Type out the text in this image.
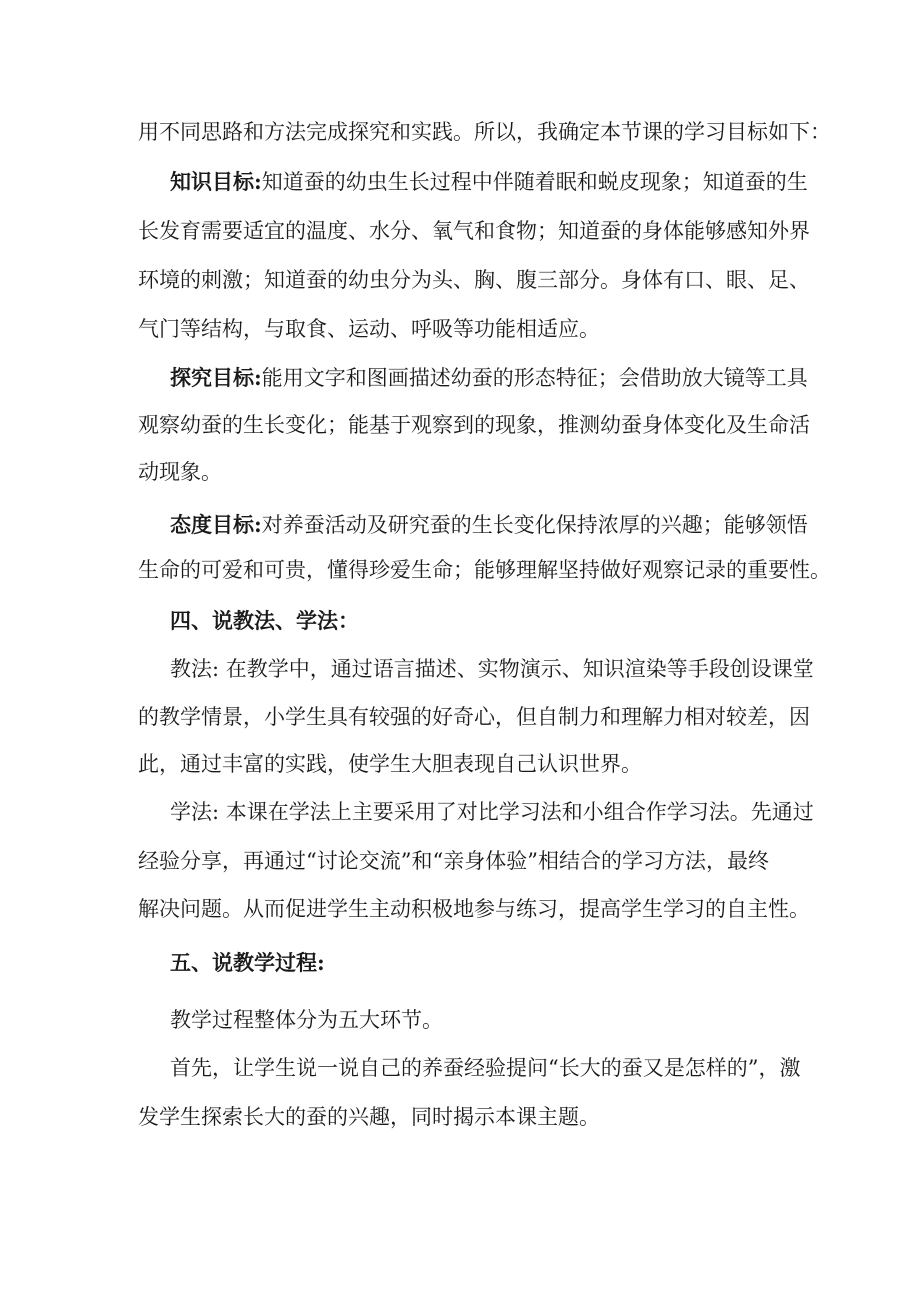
用不同思路和方法完成探究和实践。所以，我确定本节课的学习目标如下：
知识目标:知道蚕的幼虫生长过程中伴随着眠和蜕皮现象；知道蚕的生
长发育需要适宜的温度、水分、氧气和食物；知道蚕的身体能够感知外界
环境的刺激；知道蚕的幼虫分为头、胸、腹三部分。身体有口、眼、足、
气门等结构，与取食、运动、呼吸等功能相适应。
探究目标:能用文字和图画描述幼蚕的形态特征；会借助放大镜等工具
观察幼蚕的生长变化；能基于观察到的现象，推测幼蚕身体变化及生命活
动现象。
态度目标:对养蚕活动及研究蚕的生长变化保持浓厚的兴趣；能够领悟
生命的可爱和可贵，懂得珍爱生命；能够理解坚持做好观察记录的重要性。
四、说教法、学法：
教法: 在教学中，通过语言描述、实物演示、知识渲染等手段创设课堂
的教学情景，小学生具有较强的好奇心，但自制力和理解力相对较差，因
此，通过丰富的实践，使学生大胆表现自己认识世界。
学法: 本课在学法上主要采用了对比学习法和小组合作学习法。先通过
经验分享，再通过“讨论交流”和“亲身体验”相结合的学习方法，最终
解决问题。从而促进学生主动积极地参与练习，提高学生学习的自主性。
五、说教学过程:
教学过程整体分为五大环节。
首先，让学生说一说自己的养蚕经验提问“长大的蚕又是怎样的”，激
发学生探索长大的蚕的兴趣，同时揭示本课主题。
